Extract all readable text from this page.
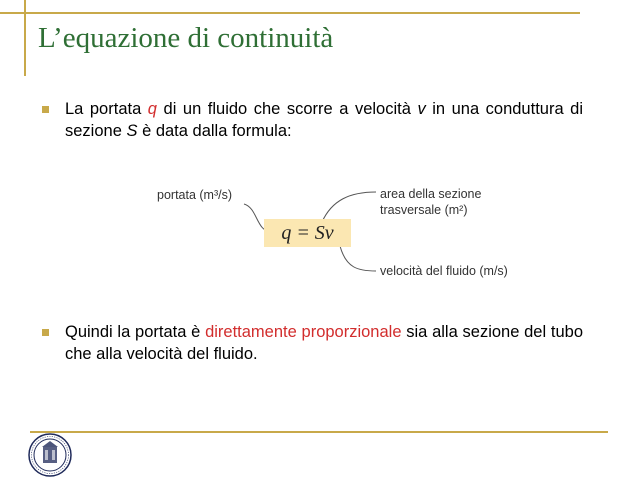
L’equazione di continuità
La portata q di un fluido che scorre a velocità v in una conduttura di sezione S è data dalla formula:
q = Sv
portata (m³/s)	area della sezione
trasversale (m²)
velocità del fluido (m/s)
Quindi la portata è direttamente proporzionale sia alla sezione del tubo che alla velocità del fluido.
